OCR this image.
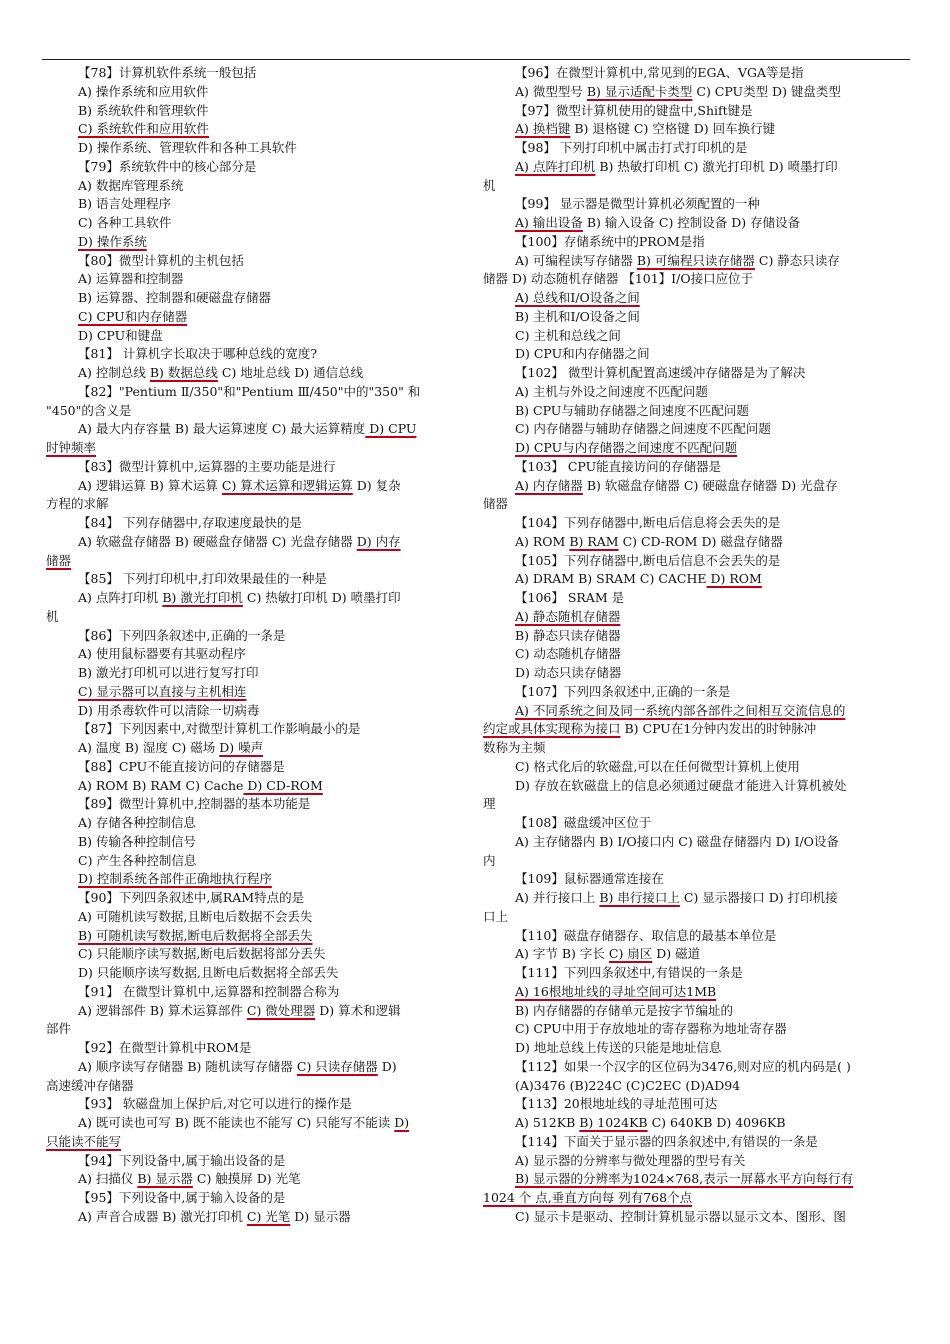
【78】计算机软件系统一般包括
A) 操作系统和应用软件
B) 系统软件和管理软件
C) 系统软件和应用软件
D) 操作系统、管理软件和各种工具软件
【79】系统软件中的核心部分是
A) 数据库管理系统
B) 语言处理程序
C) 各种工具软件
D) 操作系统
【80】微型计算机的主机包括
A) 运算器和控制器
B) 运算器、控制器和硬磁盘存储器
C) CPU和内存储器
D) CPU和键盘
【81】 计算机字长取决于哪种总线的宽度?
A) 控制总线 B) 数据总线 C) 地址总线 D) 通信总线
【82】"Pentium Ⅱ/350"和"Pentium Ⅲ/450"中的"350" 和
"450"的含义是
A) 最大内存容量 B) 最大运算速度 C) 最大运算精度 D) CPU
时钟频率
【83】微型计算机中,运算器的主要功能是进行
A) 逻辑运算 B) 算术运算 C) 算术运算和逻辑运算 D) 复杂
方程的求解
【84】 下列存储器中,存取速度最快的是
A) 软磁盘存储器 B) 硬磁盘存储器 C) 光盘存储器 D) 内存
储器
【85】 下列打印机中,打印效果最佳的一种是
A) 点阵打印机 B) 激光打印机 C) 热敏打印机 D) 喷墨打印
机
【86】下列四条叙述中,正确的一条是
A) 使用鼠标器要有其驱动程序
B) 激光打印机可以进行复写打印
C) 显示器可以直接与主机相连
D) 用杀毒软件可以清除一切病毒
【87】下列因素中,对微型计算机工作影响最小的是
A) 温度 B) 湿度 C) 磁场 D) 噪声
【88】CPU不能直接访问的存储器是
A) ROM B) RAM C) Cache D) CD-ROM
【89】微型计算机中,控制器的基本功能是
A) 存储各种控制信息
B) 传输各种控制信号
C) 产生各种控制信息
D) 控制系统各部件正确地执行程序
【90】下列四条叙述中,属RAM特点的是
A) 可随机读写数据,且断电后数据不会丢失
B) 可随机读写数据,断电后数据将全部丢失
C) 只能顺序读写数据,断电后数据将部分丢失
D) 只能顺序读写数据,且断电后数据将全部丢失
【91】 在微型计算机中,运算器和控制器合称为
A) 逻辑部件 B) 算术运算部件 C) 微处理器 D) 算术和逻辑
部件
【92】在微型计算机中ROM是
A) 顺序读写存储器 B) 随机读写存储器 C) 只读存储器 D)
高速缓冲存储器
【93】 软磁盘加上保护后,对它可以进行的操作是
A) 既可读也可写 B) 既不能读也不能写 C) 只能写不能读 D)
只能读不能写
【94】下列设备中,属于输出设备的是
A) 扫描仪 B) 显示器 C) 触摸屏 D) 光笔
【95】下列设备中,属于输入设备的是
A) 声音合成器 B) 激光打印机 C) 光笔 D) 显示器
【96】在微型计算机中,常见到的EGA、VGA等是指
A) 微型型号 B) 显示适配卡类型 C) CPU类型 D) 键盘类型
【97】微型计算机使用的键盘中,Shift键是
A) 换档键 B) 退格键 C) 空格键 D) 回车换行键
【98】 下列打印机中属击打式打印机的是
A) 点阵打印机 B) 热敏打印机 C) 激光打印机 D) 喷墨打印
机
【99】 显示器是微型计算机必须配置的一种
A) 输出设备 B) 输入设备 C) 控制设备 D) 存储设备
【100】存储系统中的PROM是指
A) 可编程读写存储器 B) 可编程只读存储器 C) 静态只读存
储器 D) 动态随机存储器 【101】I/O接口应位于
A) 总线和I/O设备之间
B) 主机和I/O设备之间
C) 主机和总线之间
D) CPU和内存储器之间
【102】 微型计算机配置高速缓冲存储器是为了解决
A) 主机与外设之间速度不匹配问题
B) CPU与辅助存储器之间速度不匹配问题
C) 内存储器与辅助存储器之间速度不匹配问题
D) CPU与内存储器之间速度不匹配问题
【103】 CPU能直接访问的存储器是
A) 内存储器 B) 软磁盘存储器 C) 硬磁盘存储器 D) 光盘存
储器
【104】下列存储器中,断电后信息将会丢失的是
A) ROM B) RAM C) CD-ROM D) 磁盘存储器
【105】下列存储器中,断电后信息不会丢失的是
A) DRAM B) SRAM C) CACHE D) ROM
【106】 SRAM 是
A) 静态随机存储器
B) 静态只读存储器
C) 动态随机存储器
D) 动态只读存储器
【107】下列四条叙述中,正确的一条是
A) 不同系统之间及同一系统内部各部件之间相互交流信息的
约定或具体实现称为接口 B) CPU在1分钟内发出的时钟脉冲
数称为主频
C) 格式化后的软磁盘,可以在任何微型计算机上使用
D) 存放在软磁盘上的信息必须通过硬盘才能进入计算机被处
理
【108】磁盘缓冲区位于
A) 主存储器内 B) I/O接口内 C) 磁盘存储器内 D) I/O设备
内
【109】鼠标器通常连接在
A) 并行接口上 B) 串行接口上 C) 显示器接口 D) 打印机接
口上
【110】磁盘存储器存、取信息的最基本单位是
A) 字节 B) 字长 C) 扇区 D) 磁道
【111】下列四条叙述中,有错误的一条是
A) 16根地址线的寻址空间可达1MB
B) 内存储器的存储单元是按字节编址的
C) CPU中用于存放地址的寄存器称为地址寄存器
D) 地址总线上传送的只能是地址信息
【112】如果一个汉字的区位码为3476,则对应的机内码是( )
(A)3476 (B)224C (C)C2EC (D)AD94
【113】20根地址线的寻址范围可达
A) 512KB B) 1024KB C) 640KB D) 4096KB
【114】下面关于显示器的四条叙述中,有错误的一条是
A) 显示器的分辨率与微处理器的型号有关
B) 显示器的分辨率为1024×768,表示一屏幕水平方向每行有
1024 个 点,垂直方向每 列有768个点
C) 显示卡是驱动、控制计算机显示器以显示文本、图形、图
